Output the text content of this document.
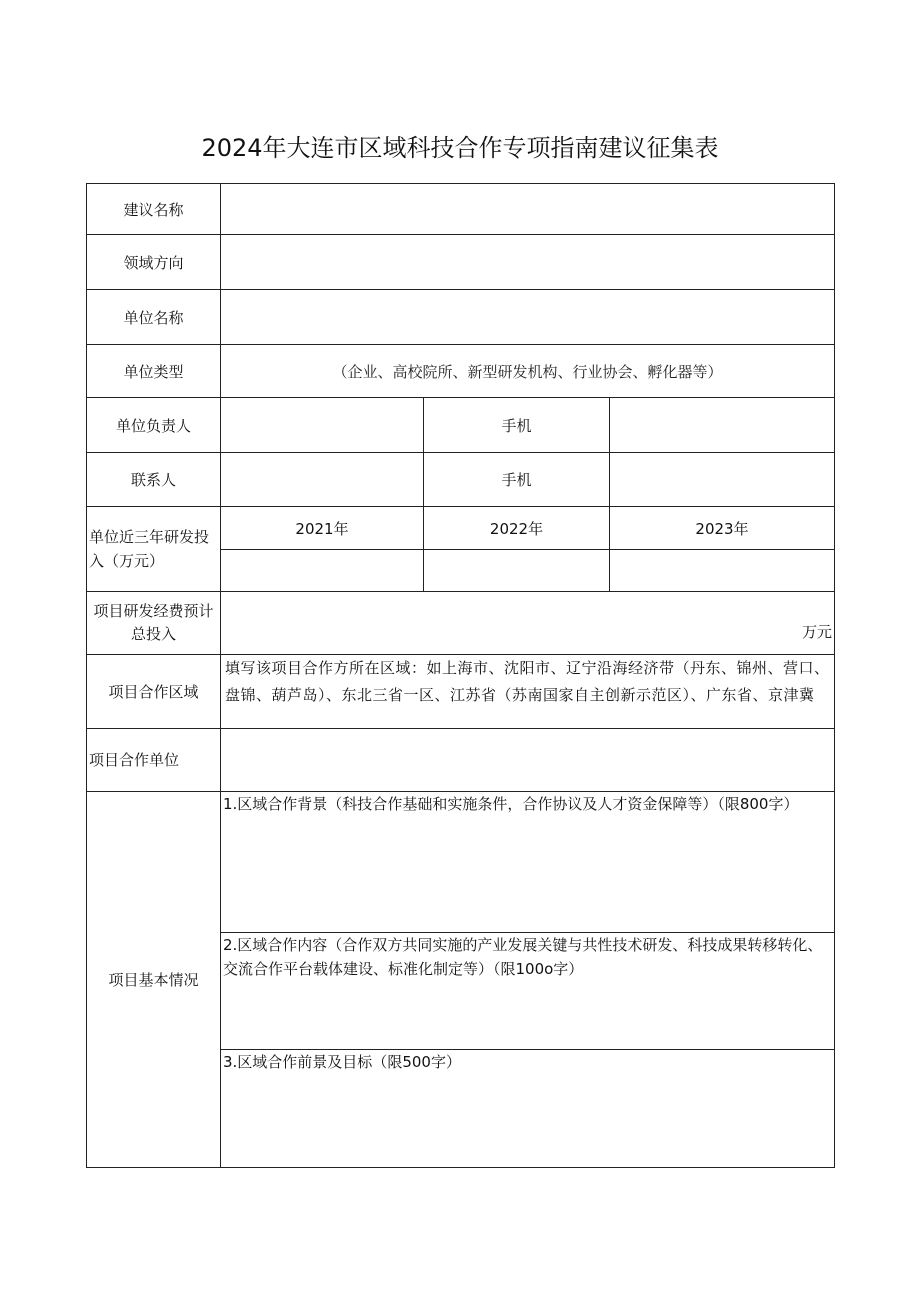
2024年大连市区域科技合作专项指南建议征集表
建议名称			
领域方向			
单位名称			
单位类型	（企业、高校院所、新型研发机构、行业协会、孵化器等）		
单位负责人		手机	
联系人		手机	
单位近三年研发投入（万元）	2021年	2022年	2023年

项目研发经费预计总投入	万元		

项目合作区域	填写该项目合作方所在区域：如上海市、沈阳市、辽宁沿海经济带（丹东、锦州、营口、盘锦、葫芦岛）、东北三省一区、江苏省（苏南国家自主创新示范区）、广东省、京津冀		
项目合作单位			
项目基本情况	1.区域合作背景（科技合作基础和实施条件，合作协议及人才资金保障等）（限800字）		
	2.区域合作内容（合作双方共同实施的产业发展关键与共性技术研发、科技成果转移转化、交流合作平台载体建设、标准化制定等）（限100o字）		
	3.区域合作前景及目标（限500字）		
